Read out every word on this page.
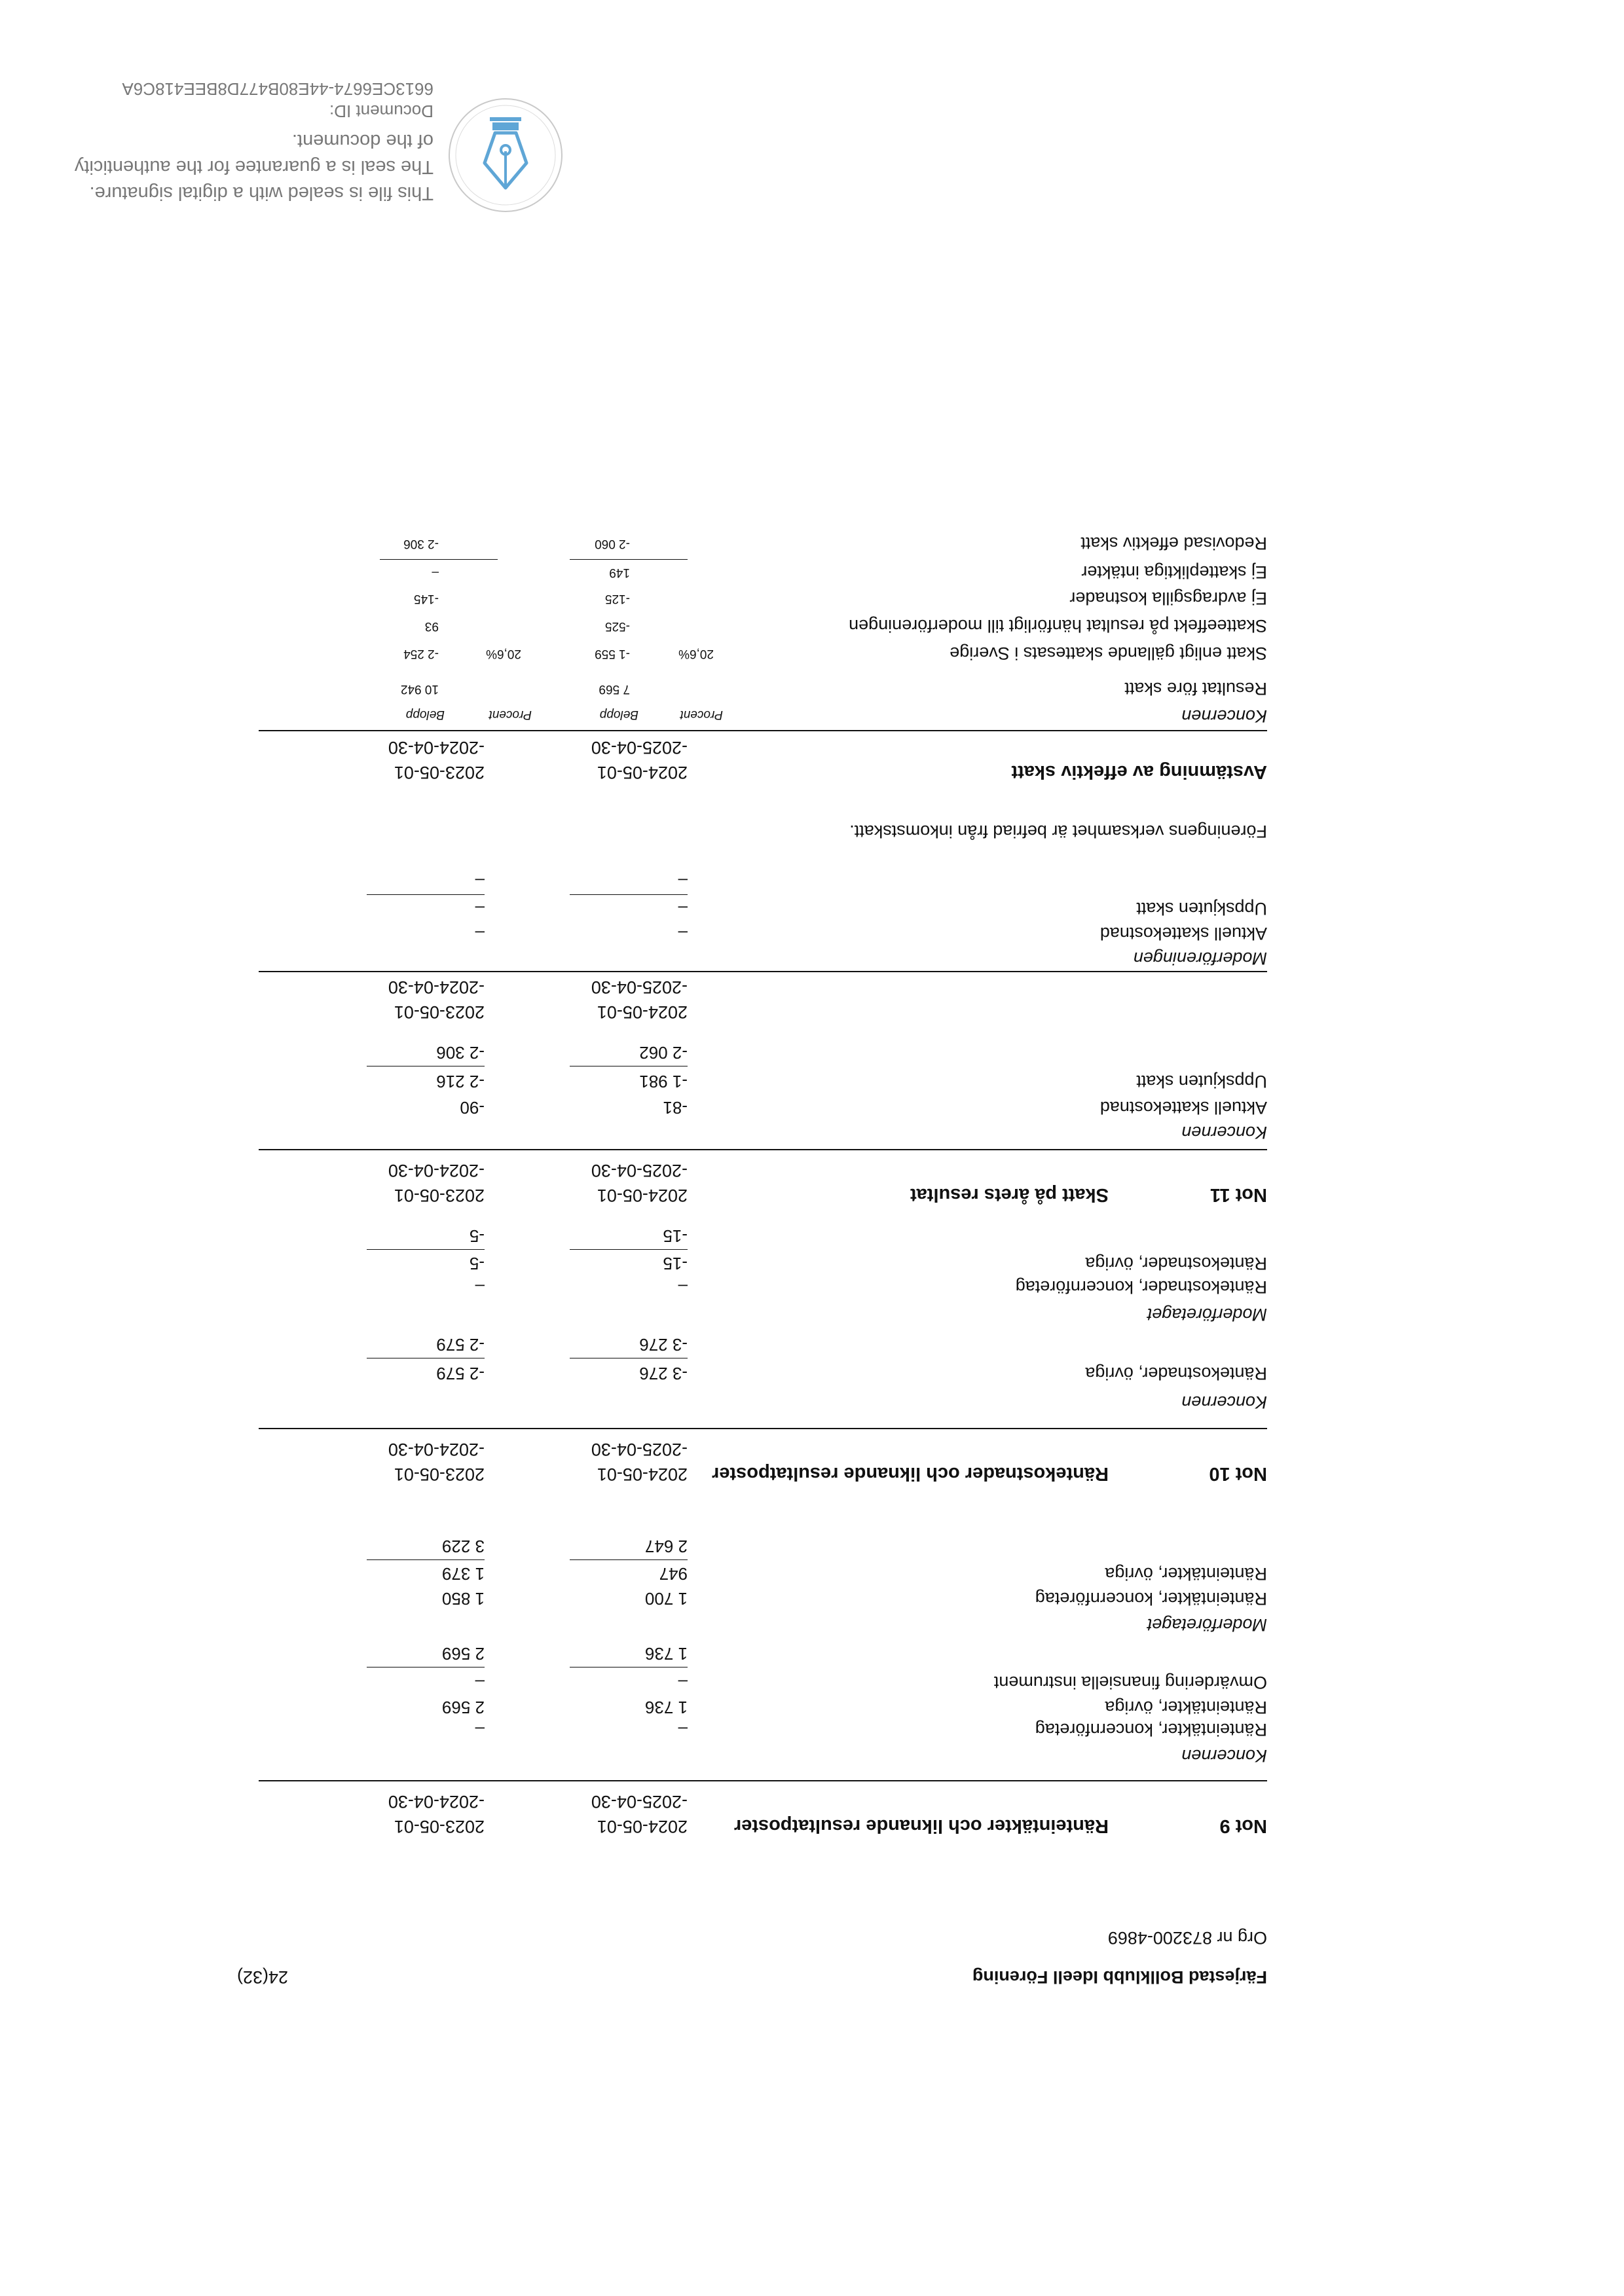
Färjestad Bollklubb Ideell Förening
Org nr 873200-4869
24(32)
Not 9
Ränteintäkter och liknande resultatposter
2024-05-01
-2025-04-30
2023-05-01
-2024-04-30
Koncernen
Ränteintäkter, koncernföretag
–
–
Ränteintäkter, övriga
1 736
2 569
Omvärdering finansiella instrument
–
–
1 736
2 569
Moderföretaget
Ränteintäkter, koncernföretag
1 700
1 850
Ränteintäkter, övriga
947
1 379
2 647
3 229
Not 10
Räntekostnader och liknande resultatposter
2024-05-01
-2025-04-30
2023-05-01
-2024-04-30
Koncernen
Räntekostnader, övriga
-3 276
-2 579
-3 276
-2 579
Moderföretaget
Räntekostnader, koncernföretag
–
–
Räntekostnader, övriga
-15
-5
-15
-5
Not 11
Skatt på årets resultat
2024-05-01
-2025-04-30
2023-05-01
-2024-04-30
Koncernen
Aktuell skattekostnad
-81
-90
Uppskjuten skatt
-1 981
-2 216
-2 062
-2 306
2024-05-01
-2025-04-30
2023-05-01
-2024-04-30
Moderföreningen
Aktuell skattekostnad
–
–
Uppskjuten skatt
–
–
–
–
Föreningens verksamhet är befriad från inkomstskatt.
Avstämning av effektiv skatt
2024-05-01
-2025-04-30
2023-05-01
-2024-04-30
Koncernen
Procent
Belopp
Procent
Belopp
Resultat före skatt
7 569
10 942
Skatt enligt gällande skattesats i Sverige
20,6%
-1 559
20,6%
-2 254
Skatteeffekt på resultat hänförligt till moderföreningen
-525
93
Ej avdragsgilla kostnader
-125
-145
Ej skattepliktiga intäkter
149
–
Redovisad effektiv skatt
-2 060
-2 306
This file is sealed with a digital signature.
The seal is a guarantee for the authenticity
of the document.
Document ID:
6613CE6674-44E80B477D8BEE418C6A
